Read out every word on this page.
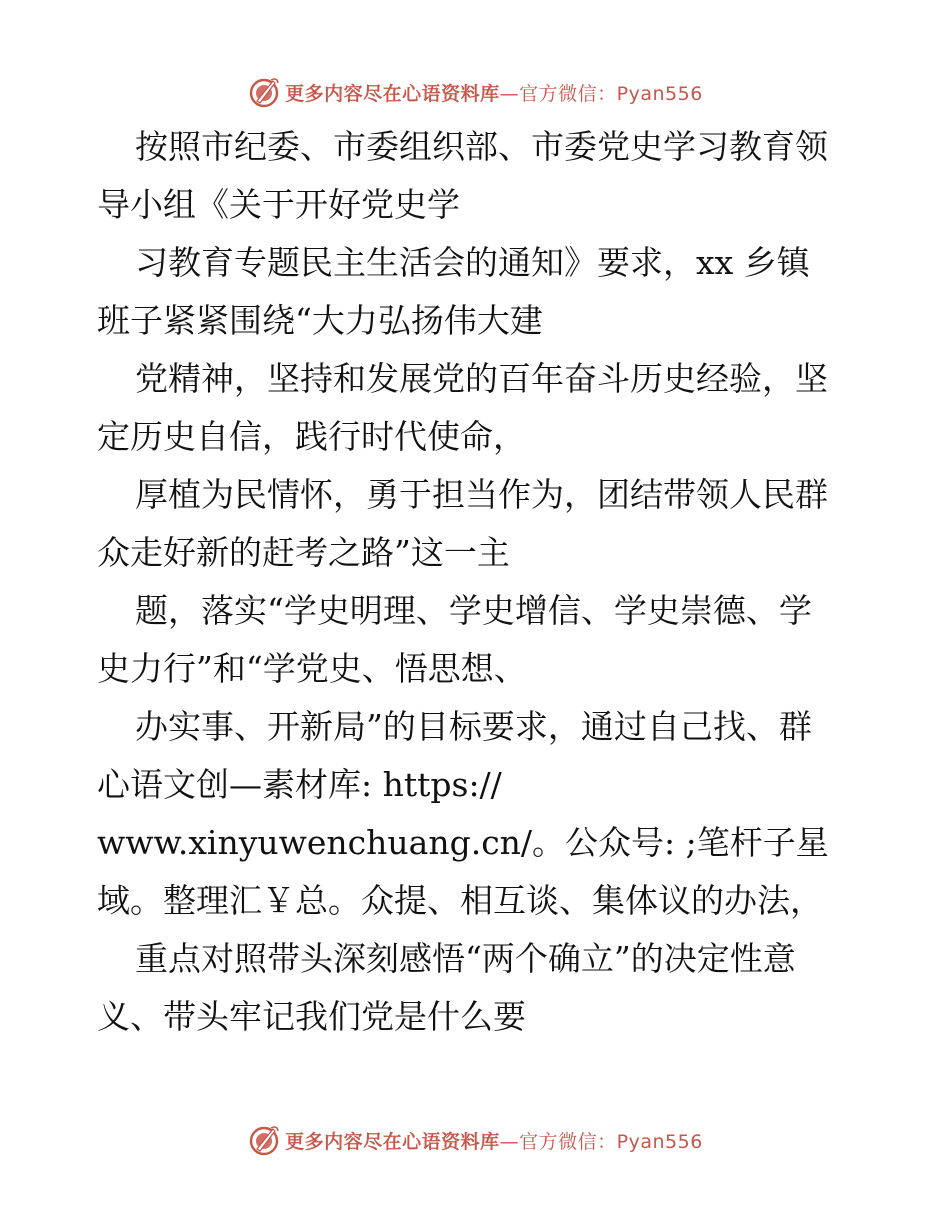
更多内容尽在心语资料库—官方微信：Pyan556

按照市纪委、市委组织部、市委党史学习教育领

导小组《关于开好党史学

习教育专题民主生活会的通知》要求，xx 乡镇

班子紧紧围绕“大力弘扬伟大建

党精神，坚持和发展党的百年奋斗历史经验，坚

定历史自信，践行时代使命，

厚植为民情怀，勇于担当作为，团结带领人民群

众走好新的赶考之路”这一主

题，落实“学史明理、学史增信、学史崇德、学

史力行”和“学党史、悟思想、

办实事、开新局”的目标要求，通过自己找、群

心语文创—素材库: https://

www.xinyuwenchuang.cn/。公众号: ;笔杆子星

域。整理汇￥总。众提、相互谈、集体议的办法，

重点对照带头深刻感悟“两个确立”的决定性意

义、带头牢记我们党是什么要

更多内容尽在心语资料库—官方微信：Pyan556
